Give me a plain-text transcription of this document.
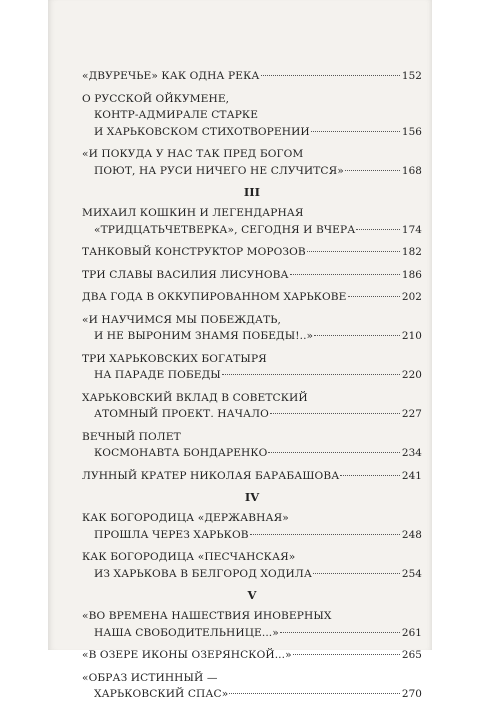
«ДВУРЕЧЬЕ» КАК ОДНА РЕКА	152
О РУССКОЙ ОЙКУМЕНЕ,
КОНТР-АДМИРАЛЕ СТАРКЕ
И ХАРЬКОВСКОМ СТИХОТВОРЕНИИ	156
«И ПОКУДА У НАС ТАК ПРЕД БОГОМ
ПОЮТ, НА РУСИ НИЧЕГО НЕ СЛУЧИТСЯ»	168
III
МИХАИЛ КОШКИН И ЛЕГЕНДАРНАЯ
«ТРИДЦАТЬЧЕТВЕРКА», СЕГОДНЯ И ВЧЕРА	174
ТАНКОВЫЙ КОНСТРУКТОР МОРОЗОВ	182
ТРИ СЛАВЫ ВАСИЛИЯ ЛИСУНОВА	186
ДВА ГОДА В ОККУПИРОВАННОМ ХАРЬКОВЕ	202
«И НАУЧИМСЯ МЫ ПОБЕЖДАТЬ,
И НЕ ВЫРОНИМ ЗНАМЯ ПОБЕДЫ!..»	210
ТРИ ХАРЬКОВСКИХ БОГАТЫРЯ
НА ПАРАДЕ ПОБЕДЫ	220
ХАРЬКОВСКИЙ ВКЛАД В СОВЕТСКИЙ
АТОМНЫЙ ПРОЕКТ. НАЧАЛО	227
ВЕЧНЫЙ ПОЛЕТ
КОСМОНАВТА БОНДАРЕНКО	234
ЛУННЫЙ КРАТЕР НИКОЛАЯ БАРАБАШОВА	241
IV
КАК БОГОРОДИЦА «ДЕРЖАВНАЯ»
ПРОШЛА ЧЕРЕЗ ХАРЬКОВ	248
КАК БОГОРОДИЦА «ПЕСЧАНСКАЯ»
ИЗ ХАРЬКОВА В БЕЛГОРОД ХОДИЛА	254
V
«ВО ВРЕМЕНА НАШЕСТВИЯ ИНОВЕРНЫХ
НАША СВОБОДИТЕЛЬНИЦЕ...»	261
«В ОЗЕРЕ ИКОНЫ ОЗЕРЯНСКОЙ...»	265
«ОБРАЗ ИСТИННЫЙ —
ХАРЬКОВСКИЙ СПАС»	270
